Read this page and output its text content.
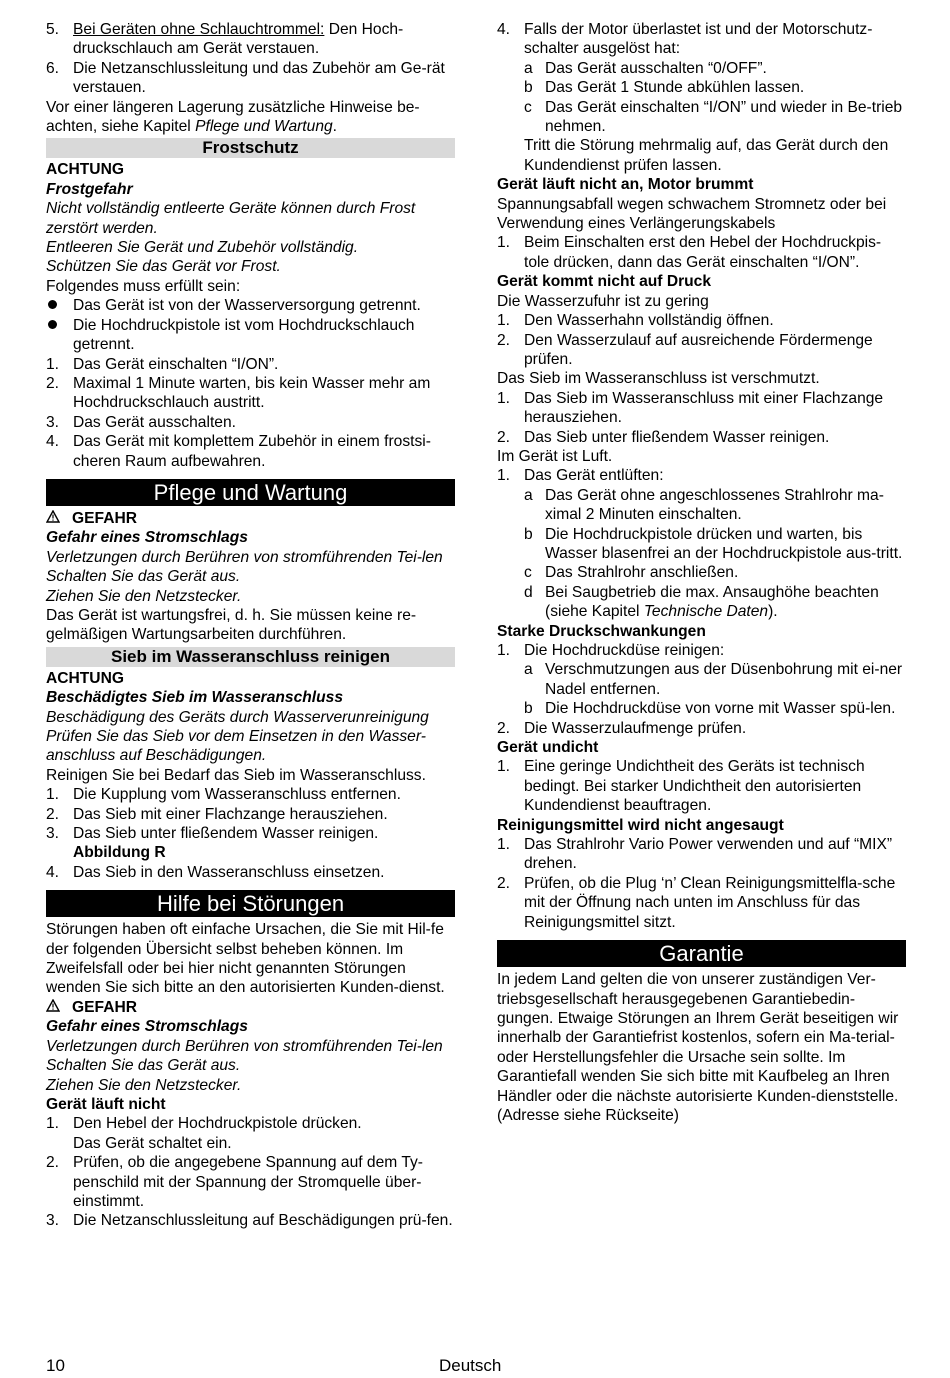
5. Bei Geräten ohne Schlauchtrommel: Den Hoch-druckschlauch am Gerät verstauen.
6. Die Netzanschlussleitung und das Zubehör am Ge-rät verstauen.

Vor einer längeren Lagerung zusätzliche Hinweise be-achten, siehe Kapitel Pflege und Wartung.

Frostschutz

ACHTUNG

Frostgefahr

Nicht vollständig entleerte Geräte können durch Frost zerstört werden.

Entleeren Sie Gerät und Zubehör vollständig.

Schützen Sie das Gerät vor Frost.

Folgendes muss erfüllt sein:

Das Gerät ist von der Wasserversorgung getrennt.
Die Hochdruckpistole ist vom Hochdruckschlauch getrennt.
1. Das Gerät einschalten “I/ON”.
2. Maximal 1 Minute warten, bis kein Wasser mehr am Hochdruckschlauch austritt.
3. Das Gerät ausschalten.
4. Das Gerät mit komplettem Zubehör in einem frostsi-cheren Raum aufbewahren.
Pflege und Wartung

GEFAHR

Gefahr eines Stromschlags

Verletzungen durch Berühren von stromführenden Tei-len

Schalten Sie das Gerät aus.

Ziehen Sie den Netzstecker.

Das Gerät ist wartungsfrei, d. h. Sie müssen keine re-gelmäßigen Wartungsarbeiten durchführen.

Sieb im Wasseranschluss reinigen

ACHTUNG

Beschädigtes Sieb im Wasseranschluss

Beschädigung des Geräts durch Wasserverunreinigung

Prüfen Sie das Sieb vor dem Einsetzen in den Wasser-anschluss auf Beschädigungen.

Reinigen Sie bei Bedarf das Sieb im Wasseranschluss.

1. Die Kupplung vom Wasseranschluss entfernen.
2. Das Sieb mit einer Flachzange herausziehen.
3. Das Sieb unter fließendem Wasser reinigen.
Abbildung R
4. Das Sieb in den Wasseranschluss einsetzen.
Hilfe bei Störungen

Störungen haben oft einfache Ursachen, die Sie mit Hil-fe der folgenden Übersicht selbst beheben können. Im Zweifelsfall oder bei hier nicht genannten Störungen wenden Sie sich bitte an den autorisierten Kunden-dienst.

GEFAHR

Gefahr eines Stromschlags

Verletzungen durch Berühren von stromführenden Tei-len

Schalten Sie das Gerät aus.

Ziehen Sie den Netzstecker.

Gerät läuft nicht

1. Den Hebel der Hochdruckpistole drücken.
Das Gerät schaltet ein.
2. Prüfen, ob die angegebene Spannung auf dem Ty-penschild mit der Spannung der Stromquelle über-einstimmt.
3. Die Netzanschlussleitung auf Beschädigungen prü-fen.
4. Falls der Motor überlastet ist und der Motorschutz-schalter ausgelöst hat:
a Das Gerät ausschalten “0/OFF”.
b Das Gerät 1 Stunde abkühlen lassen.
c Das Gerät einschalten “I/ON” und wieder in Be-trieb nehmen.
Tritt die Störung mehrmalig auf, das Gerät durch den Kundendienst prüfen lassen.

Gerät läuft nicht an, Motor brummt

Spannungsabfall wegen schwachem Stromnetz oder bei Verwendung eines Verlängerungskabels

1. Beim Einschalten erst den Hebel der Hochdruckpis-tole drücken, dann das Gerät einschalten “I/ON”.

Gerät kommt nicht auf Druck

Die Wasserzufuhr ist zu gering

1. Den Wasserhahn vollständig öffnen.
2. Den Wasserzulauf auf ausreichende Fördermenge prüfen.

Das Sieb im Wasseranschluss ist verschmutzt.

1. Das Sieb im Wasseranschluss mit einer Flachzange herausziehen.
2. Das Sieb unter fließendem Wasser reinigen.

Im Gerät ist Luft.

1. Das Gerät entlüften:
a Das Gerät ohne angeschlossenes Strahlrohr ma-ximal 2 Minuten einschalten.
b Die Hochdruckpistole drücken und warten, bis Wasser blasenfrei an der Hochdruckpistole aus-tritt.
c Das Strahlrohr anschließen.
d Bei Saugbetrieb die max. Ansaughöhe beachten (siehe Kapitel Technische Daten).

Starke Druckschwankungen

1. Die Hochdruckdüse reinigen:
a Verschmutzungen aus der Düsenbohrung mit ei-ner Nadel entfernen.
b Die Hochdruckdüse von vorne mit Wasser spü-len.
2. Die Wasserzulaufmenge prüfen.

Gerät undicht

1. Eine geringe Undichtheit des Geräts ist technisch bedingt. Bei starker Undichtheit den autorisierten Kundendienst beauftragen.

Reinigungsmittel wird nicht angesaugt

1. Das Strahlrohr Vario Power verwenden und auf “MIX” drehen.
2. Prüfen, ob die Plug ‘n’ Clean Reinigungsmittelfla-sche mit der Öffnung nach unten im Anschluss für das Reinigungsmittel sitzt.
Garantie

In jedem Land gelten die von unserer zuständigen Ver-triebsgesellschaft herausgegebenen Garantiebedin-gungen. Etwaige Störungen an Ihrem Gerät beseitigen wir innerhalb der Garantiefrist kostenlos, sofern ein Ma-terial- oder Herstellungsfehler die Ursache sein sollte. Im Garantiefall wenden Sie sich bitte mit Kaufbeleg an Ihren Händler oder die nächste autorisierte Kunden-dienststelle.

(Adresse siehe Rückseite)

10	Deutsch
